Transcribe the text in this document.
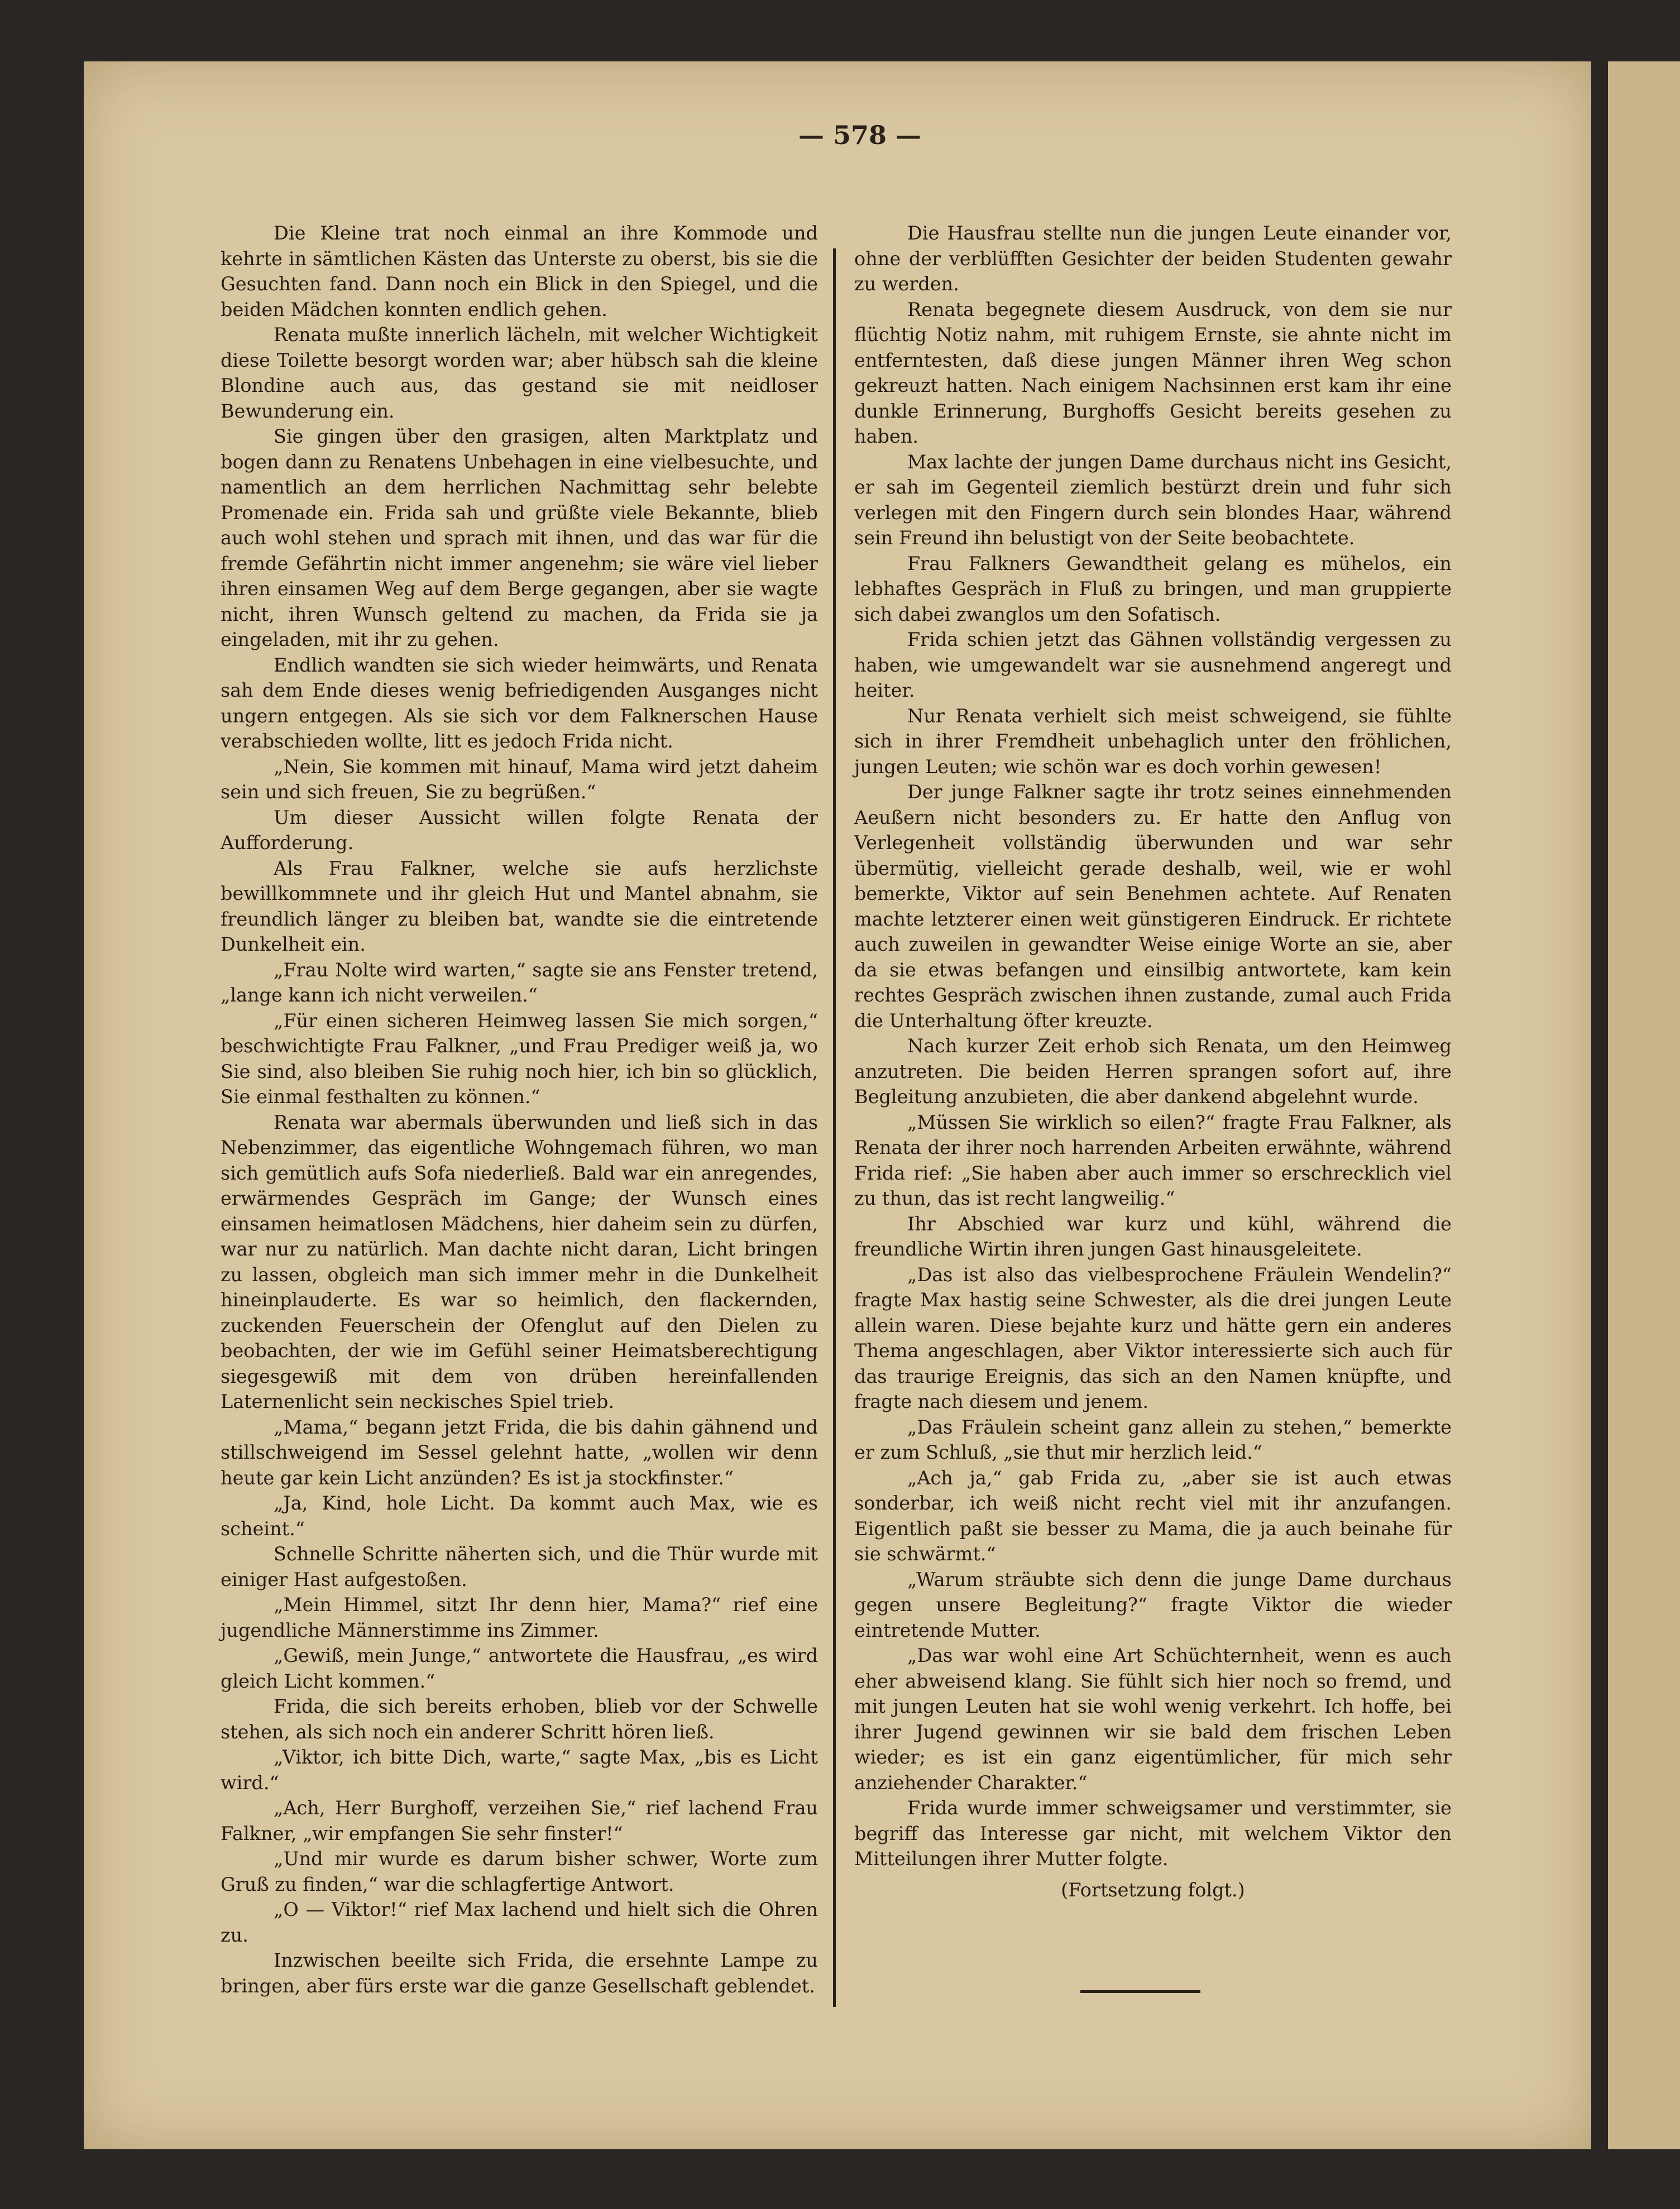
— 578 —

Die Kleine trat noch einmal an ihre Kommode und kehrte in sämtlichen Kästen das Unterste zu oberst, bis sie die Gesuchten fand. Dann noch ein Blick in den Spiegel, und die beiden Mädchen konnten endlich gehen.

Renata mußte innerlich lächeln, mit welcher Wichtigkeit diese Toilette besorgt worden war; aber hübsch sah die kleine Blondine auch aus, das gestand sie mit neidloser Bewunderung ein.

Sie gingen über den grasigen, alten Marktplatz und bogen dann zu Renatens Unbehagen in eine vielbesuchte, und namentlich an dem herrlichen Nachmittag sehr belebte Promenade ein. Frida sah und grüßte viele Bekannte, blieb auch wohl stehen und sprach mit ihnen, und das war für die fremde Gefährtin nicht immer angenehm; sie wäre viel lieber ihren einsamen Weg auf dem Berge gegangen, aber sie wagte nicht, ihren Wunsch geltend zu machen, da Frida sie ja eingeladen, mit ihr zu gehen.

Endlich wandten sie sich wieder heimwärts, und Renata sah dem Ende dieses wenig befriedigenden Ausganges nicht ungern entgegen. Als sie sich vor dem Falknerschen Hause verabschieden wollte, litt es jedoch Frida nicht.

„Nein, Sie kommen mit hinauf, Mama wird jetzt daheim sein und sich freuen, Sie zu begrüßen.“

Um dieser Aussicht willen folgte Renata der Aufforderung.

Als Frau Falkner, welche sie aufs herzlichste bewillkommnete und ihr gleich Hut und Mantel abnahm, sie freundlich länger zu bleiben bat, wandte sie die eintretende Dunkelheit ein.

„Frau Nolte wird warten,“ sagte sie ans Fenster tretend, „lange kann ich nicht verweilen.“

„Für einen sicheren Heimweg lassen Sie mich sorgen,“ beschwichtigte Frau Falkner, „und Frau Prediger weiß ja, wo Sie sind, also bleiben Sie ruhig noch hier, ich bin so glücklich, Sie einmal festhalten zu können.“

Renata war abermals überwunden und ließ sich in das Nebenzimmer, das eigentliche Wohngemach führen, wo man sich gemütlich aufs Sofa niederließ. Bald war ein anregendes, erwärmendes Gespräch im Gange; der Wunsch eines einsamen heimatlosen Mädchens, hier daheim sein zu dürfen, war nur zu natürlich. Man dachte nicht daran, Licht bringen zu lassen, obgleich man sich immer mehr in die Dunkelheit hineinplauderte. Es war so heimlich, den flackernden, zuckenden Feuerschein der Ofenglut auf den Dielen zu beobachten, der wie im Gefühl seiner Heimatsberechtigung siegesgewiß mit dem von drüben hereinfallenden Laternenlicht sein neckisches Spiel trieb.

„Mama,“ begann jetzt Frida, die bis dahin gähnend und stillschweigend im Sessel gelehnt hatte, „wollen wir denn heute gar kein Licht anzünden? Es ist ja stockfinster.“

„Ja, Kind, hole Licht. Da kommt auch Max, wie es scheint.“

Schnelle Schritte näherten sich, und die Thür wurde mit einiger Hast aufgestoßen.

„Mein Himmel, sitzt Ihr denn hier, Mama?“ rief eine jugendliche Männerstimme ins Zimmer.

„Gewiß, mein Junge,“ antwortete die Hausfrau, „es wird gleich Licht kommen.“

Frida, die sich bereits erhoben, blieb vor der Schwelle stehen, als sich noch ein anderer Schritt hören ließ.

„Viktor, ich bitte Dich, warte,“ sagte Max, „bis es Licht wird.“

„Ach, Herr Burghoff, verzeihen Sie,“ rief lachend Frau Falkner, „wir empfangen Sie sehr finster!“

„Und mir wurde es darum bisher schwer, Worte zum Gruß zu finden,“ war die schlagfertige Antwort.

„O — Viktor!“ rief Max lachend und hielt sich die Ohren zu.

Inzwischen beeilte sich Frida, die ersehnte Lampe zu bringen, aber fürs erste war die ganze Gesellschaft geblendet.

Die Hausfrau stellte nun die jungen Leute einander vor, ohne der verblüfften Gesichter der beiden Studenten gewahr zu werden.

Renata begegnete diesem Ausdruck, von dem sie nur flüchtig Notiz nahm, mit ruhigem Ernste, sie ahnte nicht im entferntesten, daß diese jungen Männer ihren Weg schon gekreuzt hatten. Nach einigem Nachsinnen erst kam ihr eine dunkle Erinnerung, Burghoffs Gesicht bereits gesehen zu haben.

Max lachte der jungen Dame durchaus nicht ins Gesicht, er sah im Gegenteil ziemlich bestürzt drein und fuhr sich verlegen mit den Fingern durch sein blondes Haar, während sein Freund ihn belustigt von der Seite beobachtete.

Frau Falkners Gewandtheit gelang es mühelos, ein lebhaftes Gespräch in Fluß zu bringen, und man gruppierte sich dabei zwanglos um den Sofatisch.

Frida schien jetzt das Gähnen vollständig vergessen zu haben, wie umgewandelt war sie ausnehmend angeregt und heiter.

Nur Renata verhielt sich meist schweigend, sie fühlte sich in ihrer Fremdheit unbehaglich unter den fröhlichen, jungen Leuten; wie schön war es doch vorhin gewesen!

Der junge Falkner sagte ihr trotz seines einnehmenden Aeußern nicht besonders zu. Er hatte den Anflug von Verlegenheit vollständig überwunden und war sehr übermütig, vielleicht gerade deshalb, weil, wie er wohl bemerkte, Viktor auf sein Benehmen achtete. Auf Renaten machte letzterer einen weit günstigeren Eindruck. Er richtete auch zuweilen in gewandter Weise einige Worte an sie, aber da sie etwas befangen und einsilbig antwortete, kam kein rechtes Gespräch zwischen ihnen zustande, zumal auch Frida die Unterhaltung öfter kreuzte.

Nach kurzer Zeit erhob sich Renata, um den Heimweg anzutreten. Die beiden Herren sprangen sofort auf, ihre Begleitung anzubieten, die aber dankend abgelehnt wurde.

„Müssen Sie wirklich so eilen?“ fragte Frau Falkner, als Renata der ihrer noch harrenden Arbeiten erwähnte, während Frida rief: „Sie haben aber auch immer so erschrecklich viel zu thun, das ist recht langweilig.“

Ihr Abschied war kurz und kühl, während die freundliche Wirtin ihren jungen Gast hinausgeleitete.

„Das ist also das vielbesprochene Fräulein Wendelin?“ fragte Max hastig seine Schwester, als die drei jungen Leute allein waren. Diese bejahte kurz und hätte gern ein anderes Thema angeschlagen, aber Viktor interessierte sich auch für das traurige Ereignis, das sich an den Namen knüpfte, und fragte nach diesem und jenem.

„Das Fräulein scheint ganz allein zu stehen,“ bemerkte er zum Schluß, „sie thut mir herzlich leid.“

„Ach ja,“ gab Frida zu, „aber sie ist auch etwas sonderbar, ich weiß nicht recht viel mit ihr anzufangen. Eigentlich paßt sie besser zu Mama, die ja auch beinahe für sie schwärmt.“

„Warum sträubte sich denn die junge Dame durchaus gegen unsere Begleitung?“ fragte Viktor die wieder eintretende Mutter.

„Das war wohl eine Art Schüchternheit, wenn es auch eher abweisend klang. Sie fühlt sich hier noch so fremd, und mit jungen Leuten hat sie wohl wenig verkehrt. Ich hoffe, bei ihrer Jugend gewinnen wir sie bald dem frischen Leben wieder; es ist ein ganz eigentümlicher, für mich sehr anziehender Charakter.“

Frida wurde immer schweigsamer und verstimmter, sie begriff das Interesse gar nicht, mit welchem Viktor den Mitteilungen ihrer Mutter folgte.

(Fortsetzung folgt.)
